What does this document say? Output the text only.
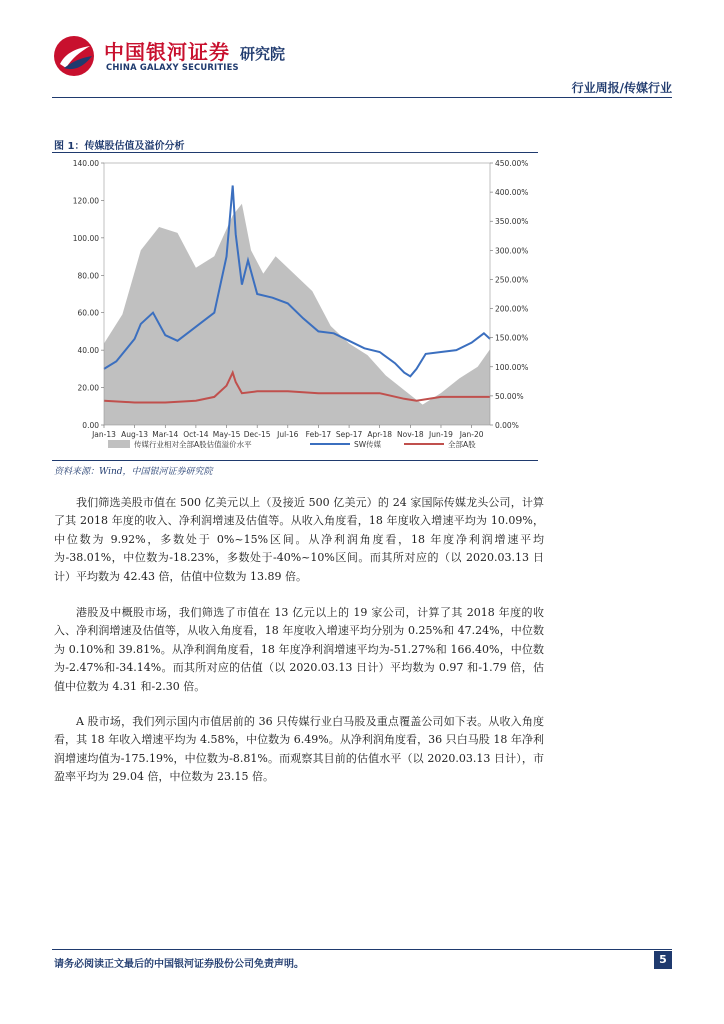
中国银河证券
CHINA GALAXY SECURITIES
研究院
行业周报/传媒行业
图 1：传媒股估值及溢价分析
0.00
20.00
40.00
60.00
80.00
100.00
120.00
140.00
0.00%
50.00%
100.00%
150.00%
200.00%
250.00%
300.00%
350.00%
400.00%
450.00%
Jan-13 Aug-13 Mar-14 Oct-14 May-15 Dec-15 Jul-16 Feb-17 Sep-17 Apr-18 Nov-18 Jun-19 Jan-20
传媒行业相对全部A股估值溢价水平	SW传媒	全部A股
资料来源：Wind，中国银河证券研究院

我们筛选美股市值在 500 亿美元以上（及接近 500 亿美元）的 24 家国际传媒龙头公司，计算了其 2018 年度的收入、净利润增速及估值等。从收入角度看，18 年度收入增速平均为 10.09%，中位数为 9.92%，多数处于 0%~15%区间。从净利润角度看，18 年度净利润增速平均为-38.01%，中位数为-18.23%，多数处于-40%~10%区间。而其所对应的（以 2020.03.13 日计）平均数为 42.43 倍，估值中位数为 13.89 倍。

港股及中概股市场，我们筛选了市值在 13 亿元以上的 19 家公司，计算了其 2018 年度的收入、净利润增速及估值等，从收入角度看，18 年度收入增速平均分别为 0.25%和 47.24%，中位数为 0.10%和 39.81%。从净利润角度看，18 年度净利润增速平均为-51.27%和 166.40%，中位数为-2.47%和-34.14%。而其所对应的估值（以 2020.03.13 日计）平均数为 0.97 和-1.79 倍，估值中位数为 4.31 和-2.30 倍。

A 股市场，我们列示国内市值居前的 36 只传媒行业白马股及重点覆盖公司如下表。从收入角度看，其 18 年收入增速平均为 4.58%，中位数为 6.49%。从净利润角度看，36 只白马股 18 年净利润增速均值为-175.19%，中位数为-8.81%。而观察其目前的估值水平（以 2020.03.13 日计），市盈率平均为 29.04 倍，中位数为 23.15 倍。

请务必阅读正文最后的中国银河证券股份公司免责声明。	5
